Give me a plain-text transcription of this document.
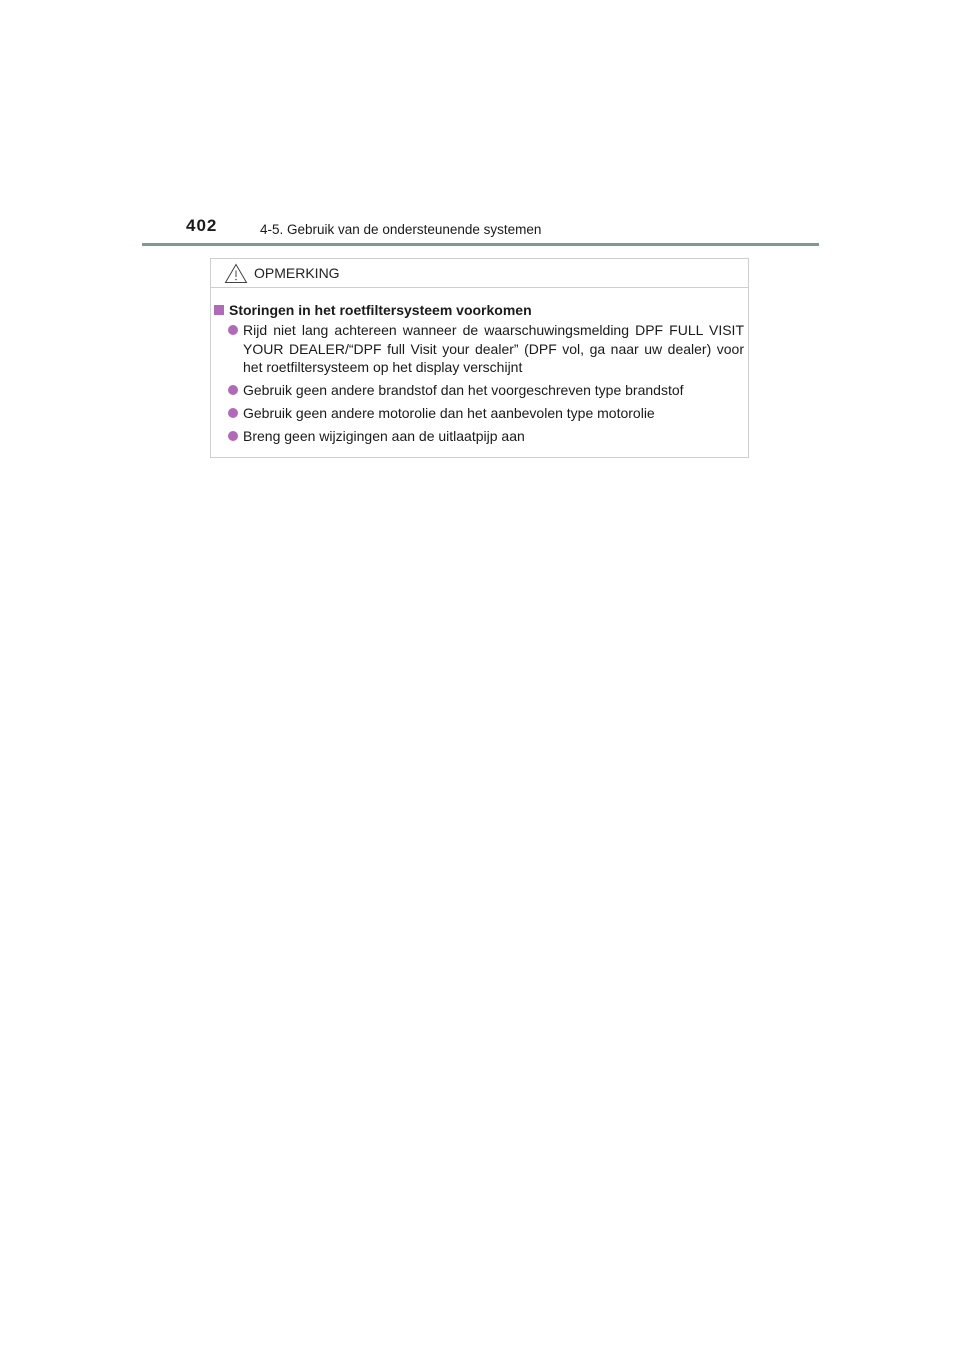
402	4-5. Gebruik van de ondersteunende systemen
OPMERKING
Storingen in het roetfiltersysteem voorkomen
Rijd niet lang achtereen wanneer de waarschuwingsmelding DPF FULL VISIT YOUR DEALER/“DPF full Visit your dealer” (DPF vol, ga naar uw dealer) voor het roetfiltersysteem op het display verschijnt
Gebruik geen andere brandstof dan het voorgeschreven type brandstof
Gebruik geen andere motorolie dan het aanbevolen type motorolie
Breng geen wijzigingen aan de uitlaatpijp aan
